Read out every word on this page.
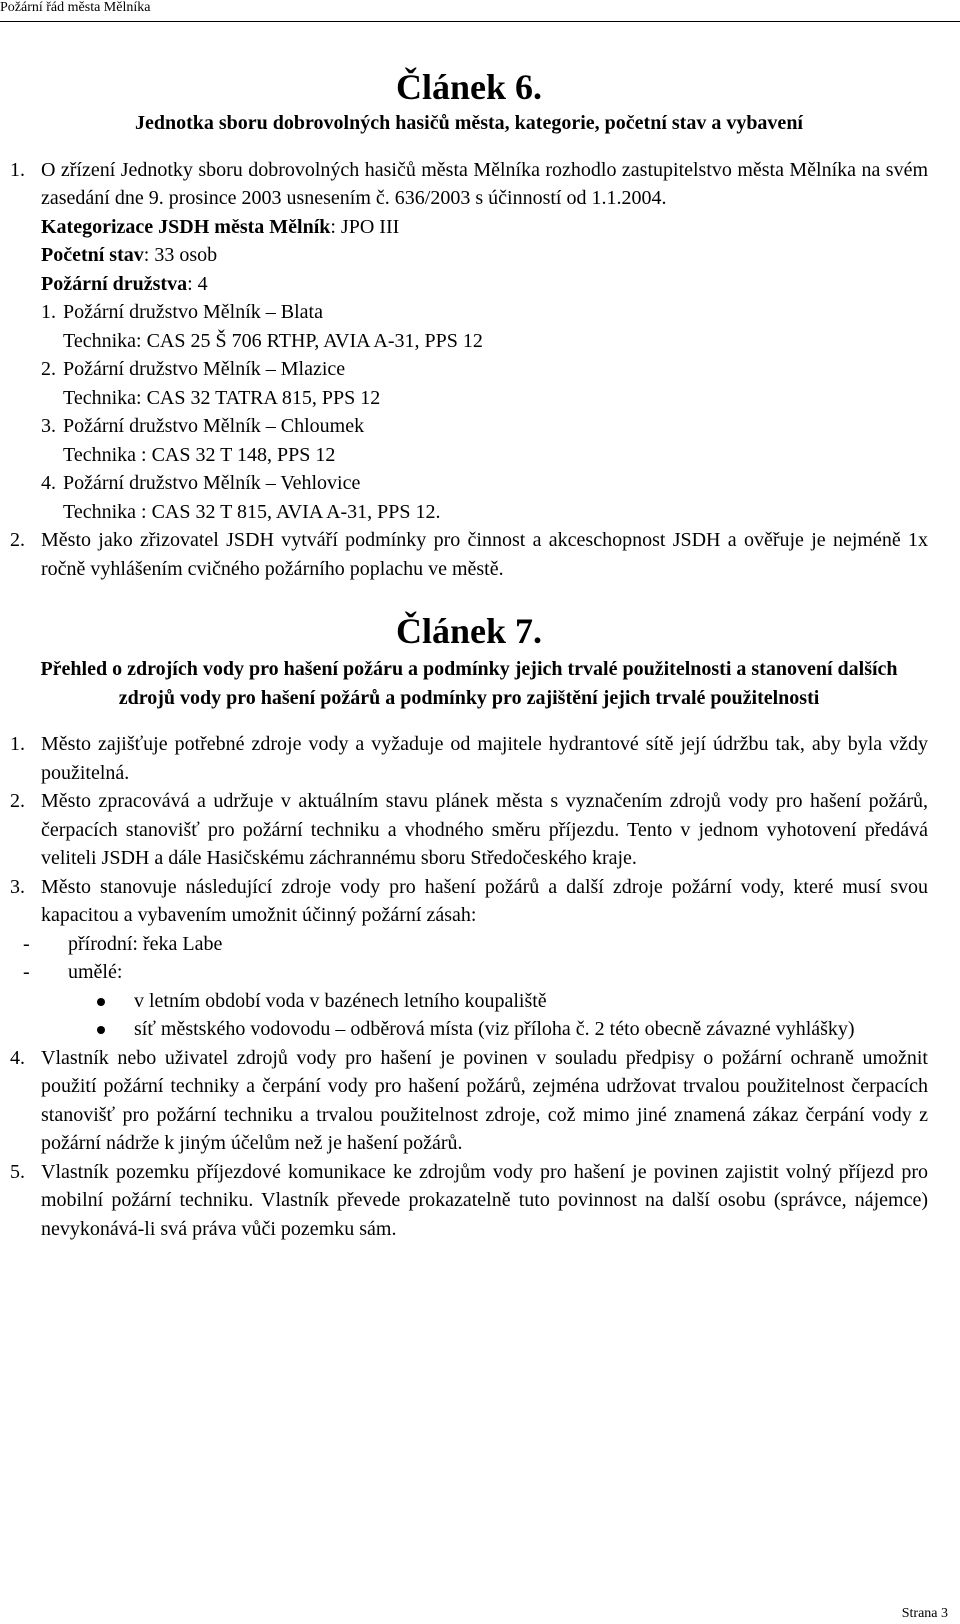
Požární řád města Mělníka
Článek 6.

Jednotka sboru dobrovolných hasičů města, kategorie, početní stav a vybavení

1. O zřízení Jednotky sboru dobrovolných hasičů města Mělníka rozhodlo zastupitelstvo města Mělníka na svém zasedání dne 9. prosince 2003 usnesením č. 636/2003 s účinností od 1.1.2004.
Kategorizace JSDH města Mělník: JPO III
Početní stav: 33 osob
Požární družstva: 4
1. Požární družstvo Mělník – Blata
Technika: CAS 25 Š 706 RTHP, AVIA A-31, PPS 12
2. Požární družstvo Mělník – Mlazice
Technika: CAS 32 TATRA 815, PPS 12
3. Požární družstvo Mělník – Chloumek
Technika : CAS 32 T 148, PPS 12
4. Požární družstvo Mělník – Vehlovice
Technika : CAS 32 T 815, AVIA A-31, PPS 12.
2. Město jako zřizovatel JSDH vytváří podmínky pro činnost a akceschopnost JSDH a ověřuje je nejméně 1x ročně vyhlášením cvičného požárního poplachu ve městě.
Článek 7.

Přehled o zdrojích vody pro hašení požáru a podmínky jejich trvalé použitelnosti a stanovení dalších zdrojů vody pro hašení požárů a podmínky pro zajištění jejich trvalé použitelnosti

1. Město zajišťuje potřebné zdroje vody a vyžaduje od majitele hydrantové sítě její údržbu tak, aby byla vždy použitelná.
2. Město zpracovává a udržuje v aktuálním stavu plánek města s vyznačením zdrojů vody pro hašení požárů, čerpacích stanovišť pro požární techniku a vhodného směru příjezdu. Tento v jednom vyhotovení předává veliteli JSDH a dále Hasičskému záchrannému sboru Středočeského kraje.
3. Město stanovuje následující zdroje vody pro hašení požárů a další zdroje požární vody, které musí svou kapacitou a vybavením umožnit účinný požární zásah:
- přírodní: řeka Labe
- umělé:
v letním období voda v bazénech letního koupaliště
síť městského vodovodu – odběrová místa (viz příloha č. 2 této obecně závazné vyhlášky)
4. Vlastník nebo uživatel zdrojů vody pro hašení je povinen v souladu předpisy o požární ochraně umožnit použití požární techniky a čerpání vody pro hašení požárů, zejména udržovat trvalou použitelnost čerpacích stanovišť pro požární techniku a trvalou použitelnost zdroje, což mimo jiné znamená zákaz čerpání vody z požární nádrže k jiným účelům než je hašení požárů.
5. Vlastník pozemku příjezdové komunikace ke zdrojům vody pro hašení je povinen zajistit volný příjezd pro mobilní požární techniku. Vlastník převede prokazatelně tuto povinnost na další osobu (správce, nájemce) nevykonává-li svá práva vůči pozemku sám.
Strana 3
